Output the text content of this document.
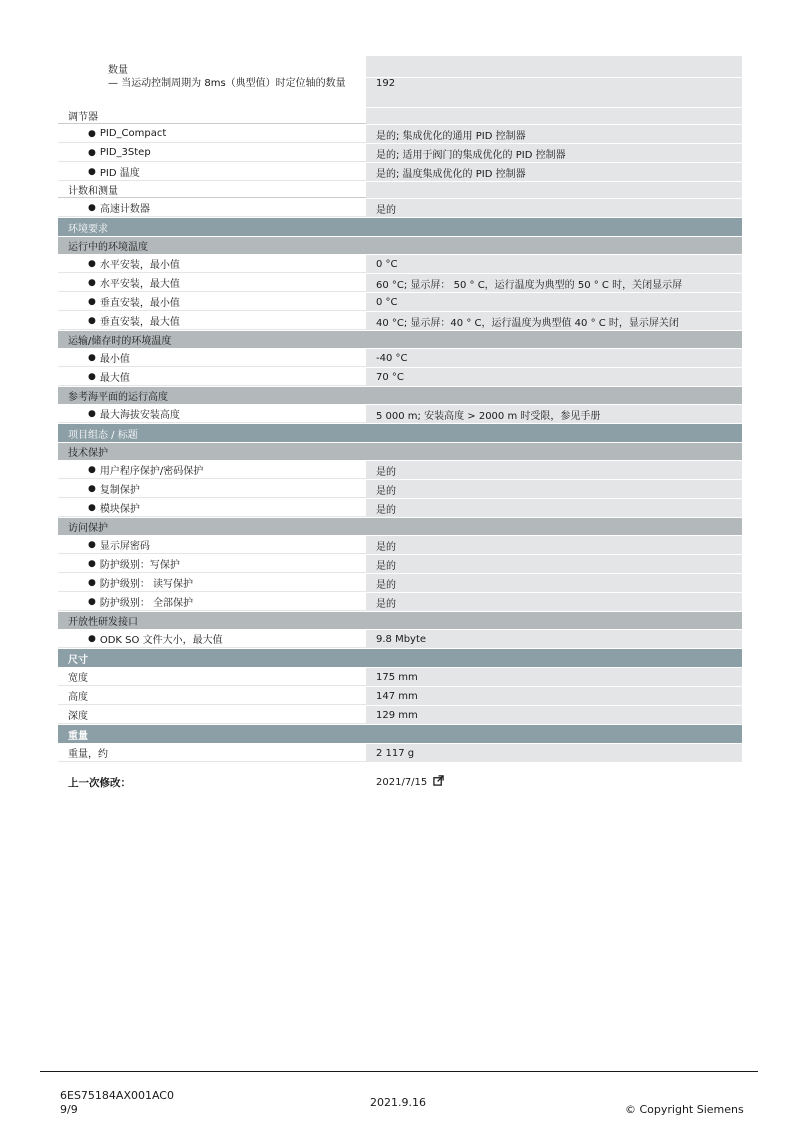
数量
— 当运动控制周期为 8ms（典型值）时定位轴的数量	192
调节器
● PID_Compact	是的; 集成优化的通用 PID 控制器
● PID_3Step	是的; 适用于阀门的集成优化的 PID 控制器
● PID 温度	是的; 温度集成优化的 PID 控制器
计数和测量
● 高速计数器	是的
环境要求
运行中的环境温度
● 水平安装，最小值	0 °C
● 水平安装，最大值	60 °C; 显示屏： 50 ° C，运行温度为典型的 50 ° C 时，关闭显示屏
● 垂直安装，最小值	0 °C
● 垂直安装，最大值	40 °C; 显示屏：40 ° C，运行温度为典型值 40 ° C 时，显示屏关闭
运输/储存时的环境温度
● 最小值	-40 °C
● 最大值	70 °C
参考海平面的运行高度
● 最大海拔安装高度	5 000 m; 安装高度 > 2000 m 时受限，参见手册
项目组态 / 标题
技术保护
● 用户程序保护/密码保护	是的
● 复制保护	是的
● 模块保护	是的
访问保护
● 显示屏密码	是的
● 防护级别：写保护	是的
● 防护级别： 读写保护	是的
● 防护级别： 全部保护	是的
开放性研发接口
● ODK SO 文件大小，最大值	9.8 Mbyte
尺寸
宽度	175 mm
高度	147 mm
深度	129 mm
重量
重量，约	2 117 g
上一次修改：	2021/7/15
6ES75184AX001AC0
9/9
2021.9.16
© Copyright Siemens
